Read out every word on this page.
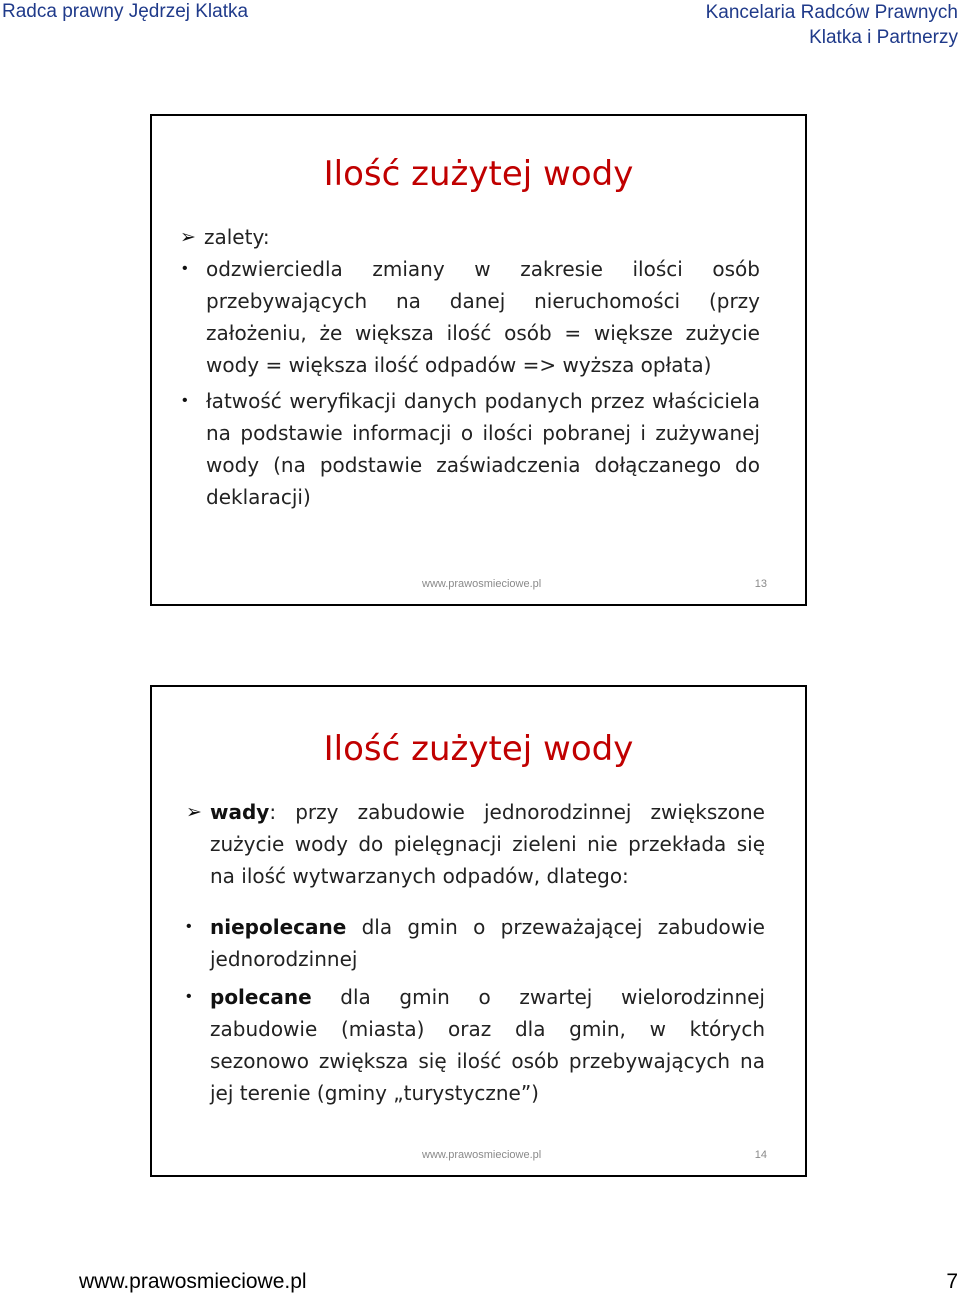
Radca prawny Jędrzej Klatka	Kancelaria Radców Prawnych
Klatka i Partnerzy
Ilość zużytej wody
➢ zalety:
• odzwierciedla zmiany w zakresie ilości osób przebywających na danej nieruchomości (przy założeniu, że większa ilość osób = większe zużycie wody = większa ilość odpadów => wyższa opłata)
• łatwość weryfikacji danych podanych przez właściciela na podstawie informacji o ilości pobranej i zużywanej wody (na podstawie zaświadczenia dołączanego do deklaracji)
www.prawosmieciowe.pl	13
Ilość zużytej wody
➢ wady: przy zabudowie jednorodzinnej zwiększone zużycie wody do pielęgnacji zieleni nie przekłada się na ilość wytwarzanych odpadów, dlatego:
• niepolecane dla gmin o przeważającej zabudowie jednorodzinnej
• polecane dla gmin o zwartej wielorodzinnej zabudowie (miasta) oraz dla gmin, w których sezonowo zwiększa się ilość osób przebywających na jej terenie (gminy „turystyczne”)
www.prawosmieciowe.pl	14
www.prawosmieciowe.pl	7
